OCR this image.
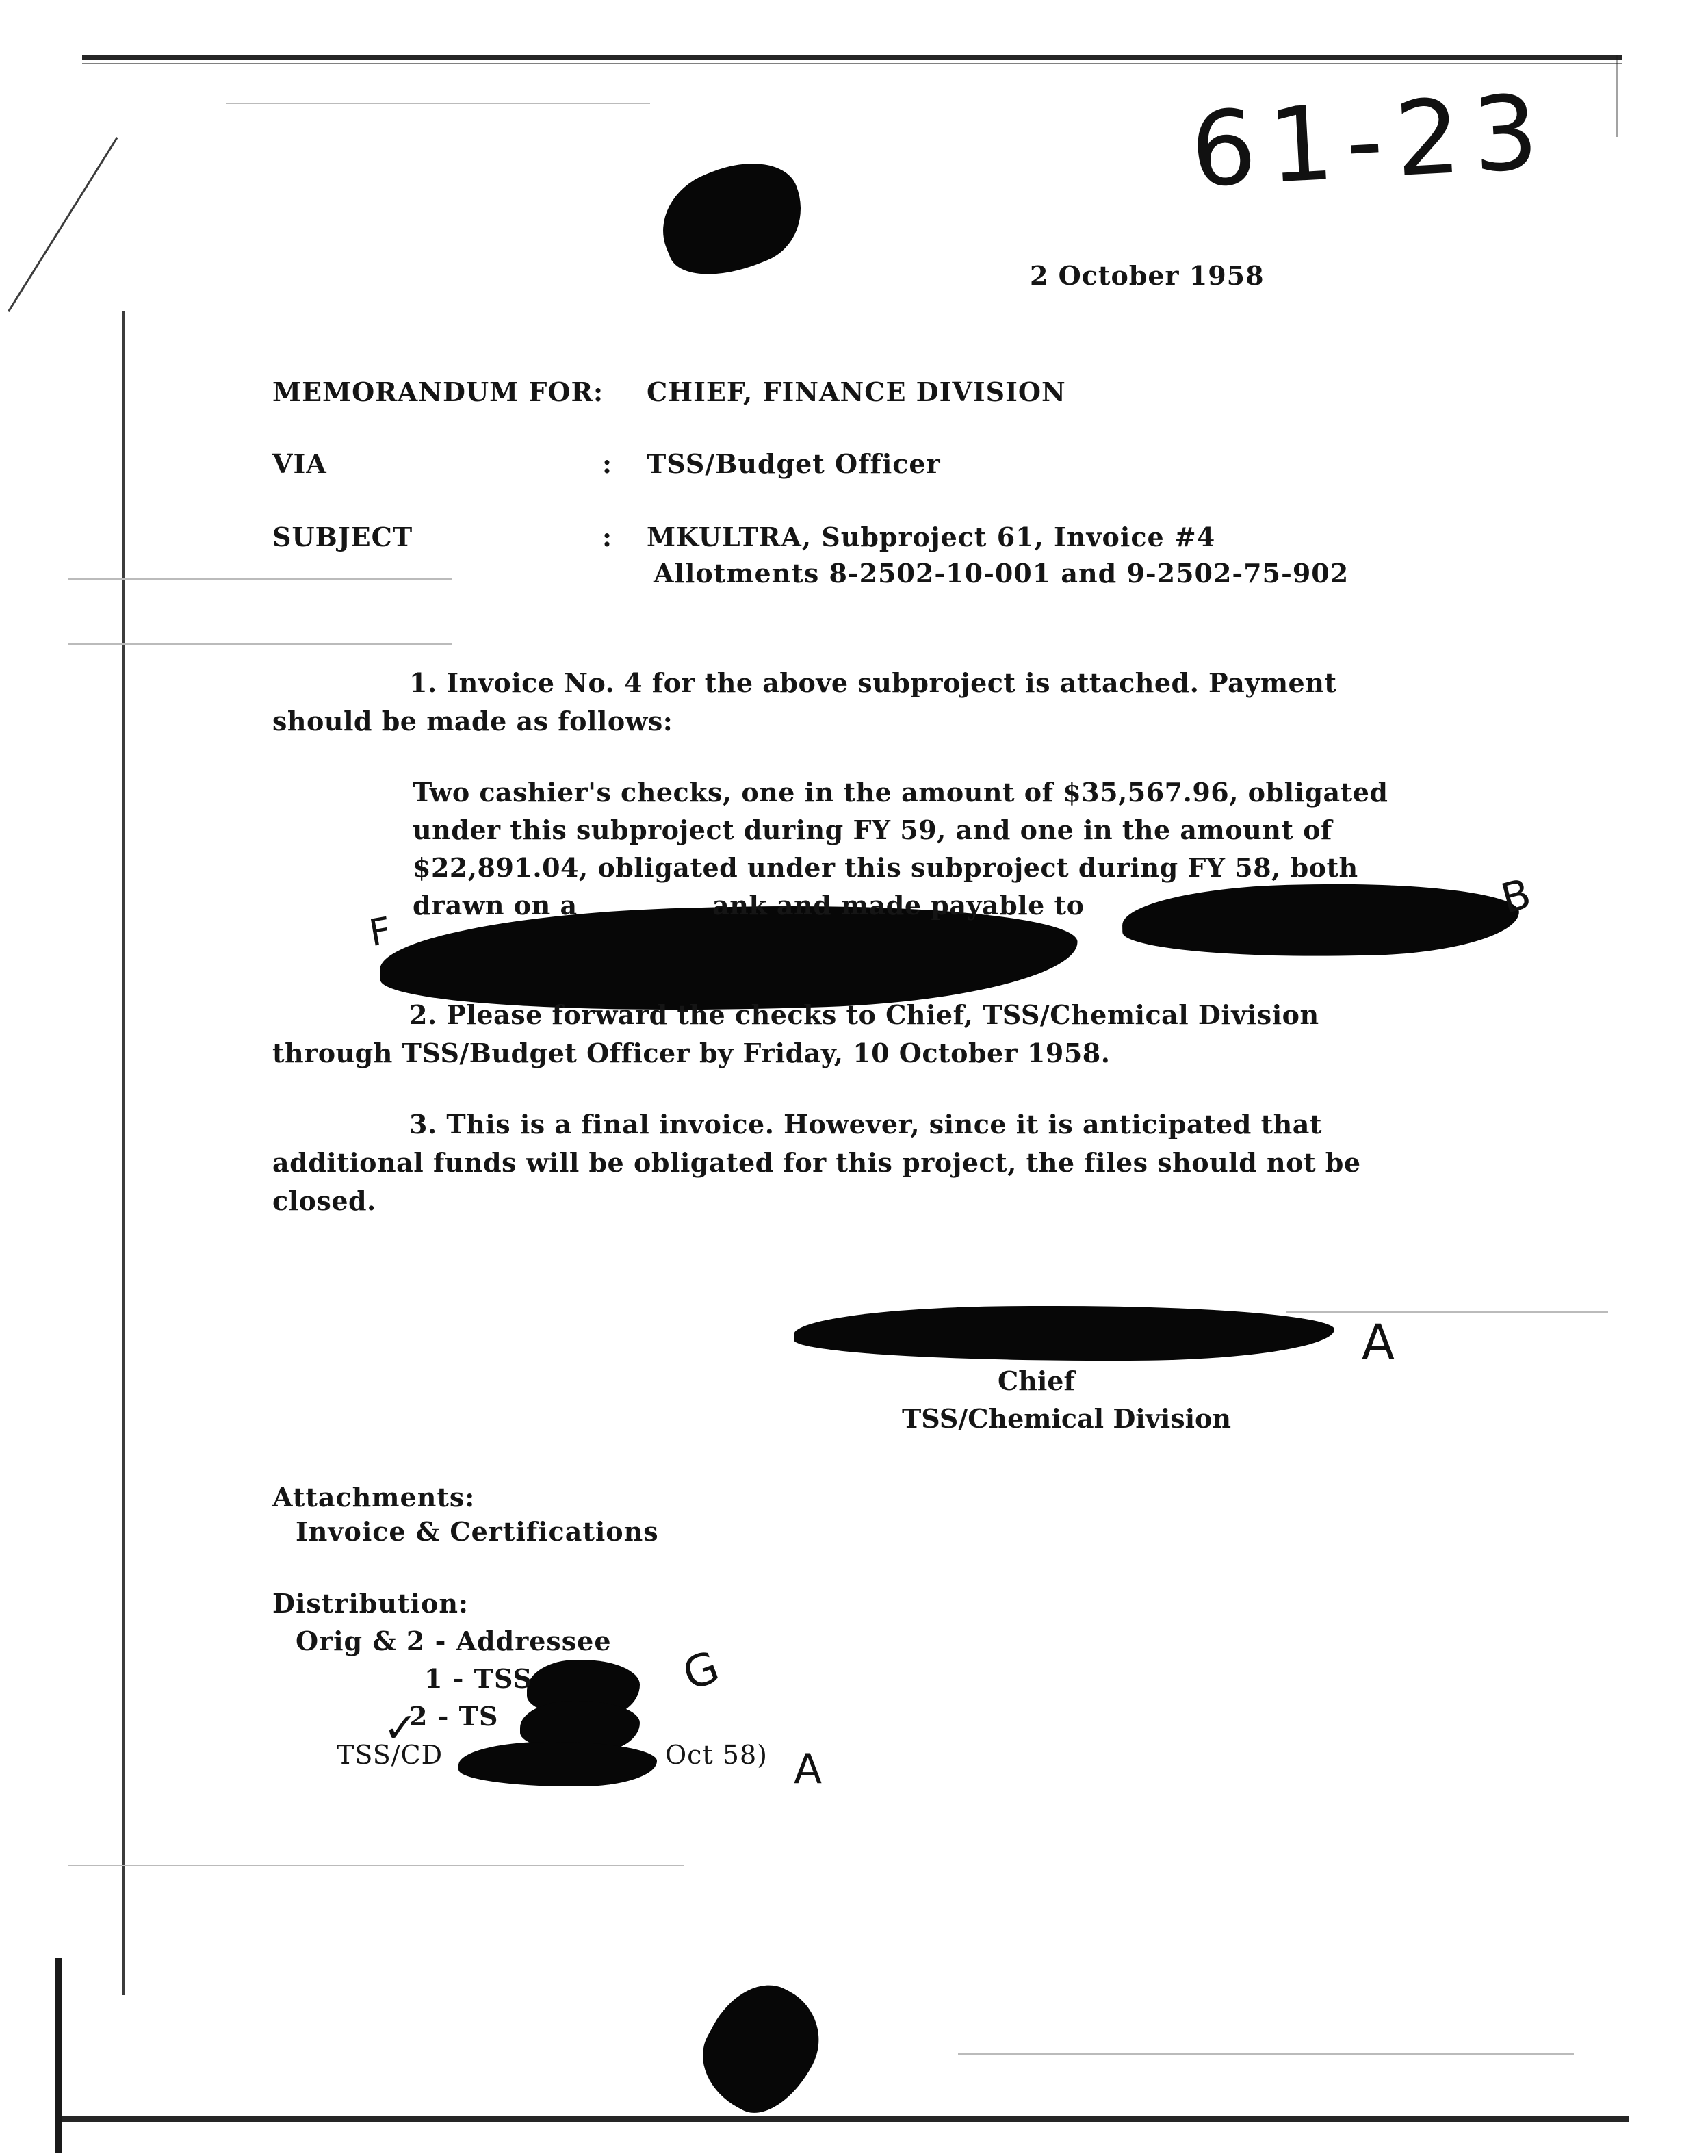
61-23
A
B
F
G
A
✓
2 October 1958
MEMORANDUM FOR: CHIEF, FINANCE DIVISION
VIA	: TSS/Budget Officer
SUBJECT	: MKULTRA, Subproject 61, Invoice #4
Allotments 8-2502-10-001 and 9-2502-75-902
1. Invoice No. 4 for the above subproject is attached. Payment
should be made as follows:
Two cashier's checks, one in the amount of $35,567.96, obligated
under this subproject during FY 59, and one in the amount of
$22,891.04, obligated under this subproject during FY 58, both
drawn on a	ank and made payable to
2. Please forward the checks to Chief, TSS/Chemical Division
through TSS/Budget Officer by Friday, 10 October 1958.
3. This is a final invoice. However, since it is anticipated that
additional funds will be obligated for this project, the files should not be
closed.
Chief
TSS/Chemical Division
Attachments:
Invoice & Certifications
Distribution:
Orig & 2 - Addressee
1 - TSS
2 - TS
TSS/CD	Oct 58)
